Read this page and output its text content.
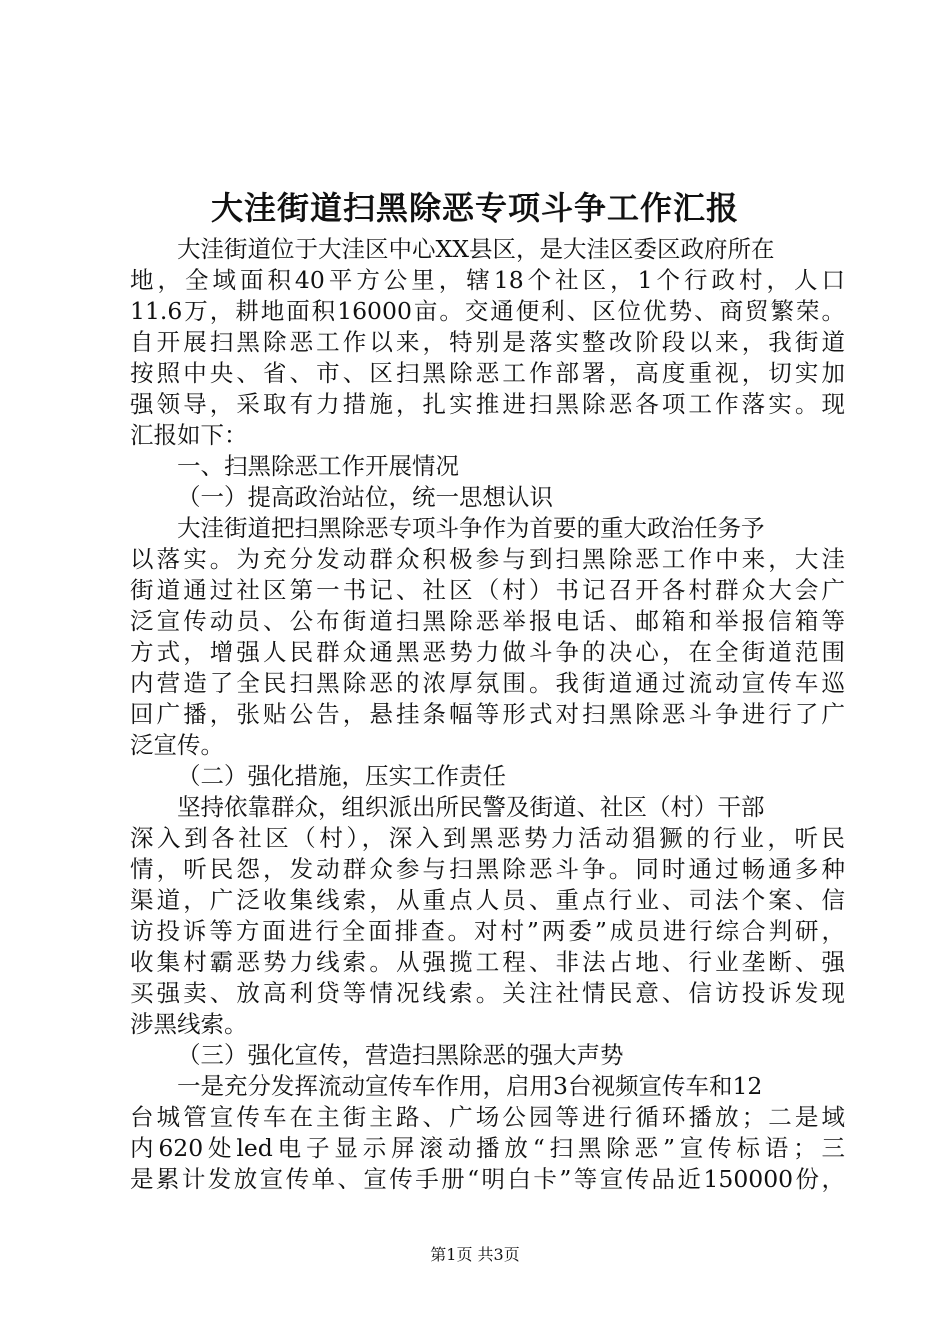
大洼街道扫黑除恶专项斗争工作汇报
大洼街道位于大洼区中心XX县区，是大洼区委区政府所在
地，全域面积40平方公里，辖18个社区，1个行政村，人口
11.6万，耕地面积16000亩。交通便利、区位优势、商贸繁荣。
自开展扫黑除恶工作以来，特别是落实整改阶段以来，我街道
按照中央、省、市、区扫黑除恶工作部署，高度重视，切实加
强领导，采取有力措施，扎实推进扫黑除恶各项工作落实。现
汇报如下：
一、扫黑除恶工作开展情况
（一）提高政治站位，统一思想认识
大洼街道把扫黑除恶专项斗争作为首要的重大政治任务予
以落实。为充分发动群众积极参与到扫黑除恶工作中来，大洼
街道通过社区第一书记、社区（村）书记召开各村群众大会广
泛宣传动员、公布街道扫黑除恶举报电话、邮箱和举报信箱等
方式，增强人民群众通黑恶势力做斗争的决心，在全街道范围
内营造了全民扫黑除恶的浓厚氛围。我街道通过流动宣传车巡
回广播，张贴公告，悬挂条幅等形式对扫黑除恶斗争进行了广
泛宣传。
（二）强化措施，压实工作责任
坚持依靠群众，组织派出所民警及街道、社区（村）干部
深入到各社区（村），深入到黑恶势力活动猖獗的行业，听民
情，听民怨，发动群众参与扫黑除恶斗争。同时通过畅通多种
渠道，广泛收集线索，从重点人员、重点行业、司法个案、信
访投诉等方面进行全面排查。对村”两委”成员进行综合判研，
收集村霸恶势力线索。从强揽工程、非法占地、行业垄断、强
买强卖、放高利贷等情况线索。关注社情民意、信访投诉发现
涉黑线索。
（三）强化宣传，营造扫黑除恶的强大声势
一是充分发挥流动宣传车作用，启用3台视频宣传车和12
台城管宣传车在主街主路、广场公园等进行循环播放；二是域
内620处led电子显示屏滚动播放“扫黑除恶”宣传标语；三
是累计发放宣传单、宣传手册“明白卡”等宣传品近150000份，
第1页 共3页
